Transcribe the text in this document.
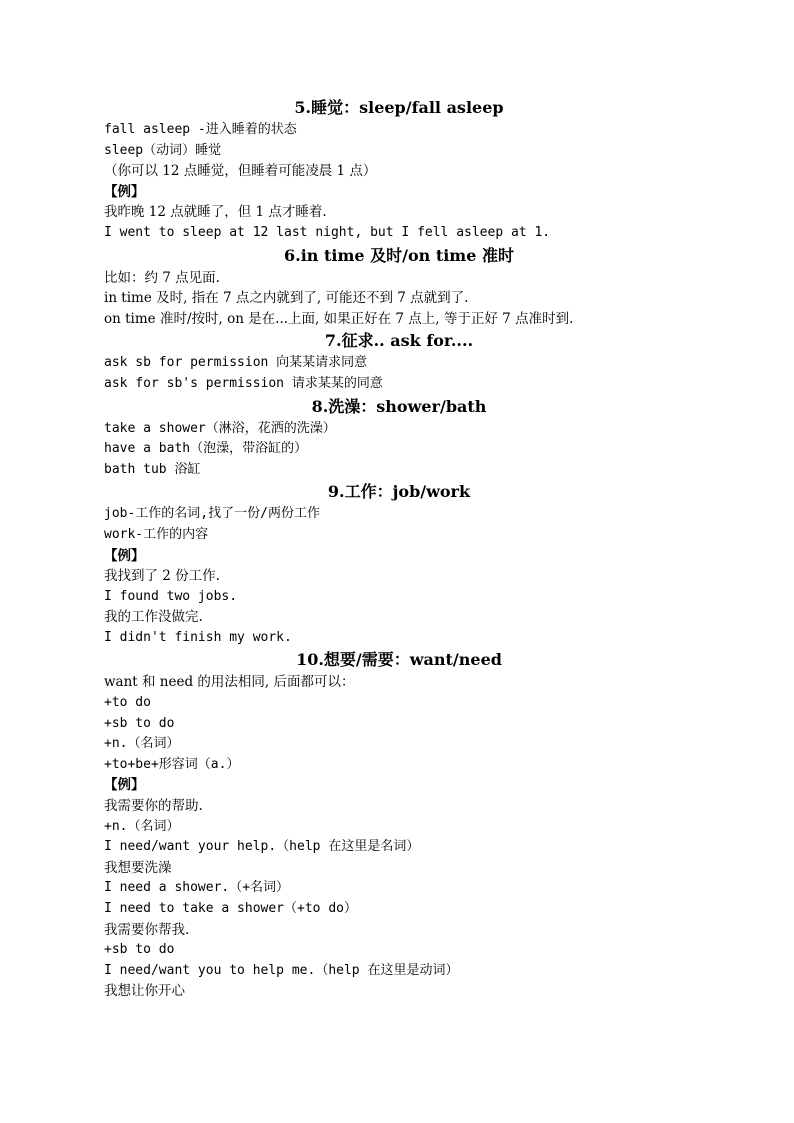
5.睡觉：sleep/fall asleep
fall asleep -进入睡着的状态
sleep（动词）睡觉
（你可以 12 点睡觉，但睡着可能凌晨 1 点）
【例】
我昨晚 12 点就睡了，但 1 点才睡着.
I went to sleep at 12 last night, but I fell asleep at 1.
6.in time 及时/on time 准时
比如：约 7 点见面.
in time 及时, 指在 7 点之内就到了, 可能还不到 7 点就到了.
on time 准时/按时, on 是在...上面, 如果正好在 7 点上, 等于正好 7 点准时到.
7.征求.. ask for....
ask sb for permission 向某某请求同意
ask for sb's permission 请求某某的同意
8.洗澡：shower/bath
take a shower（淋浴，花洒的洗澡）
have a bath（泡澡，带浴缸的）
bath tub 浴缸
9.工作：job/work
job-工作的名词,找了一份/两份工作
work-工作的内容
【例】
我找到了 2 份工作.
I found two jobs.
我的工作没做完.
I didn't finish my work.
10.想要/需要：want/need
want 和 need 的用法相同, 后面都可以：
+to do
+sb to do
+n.（名词）
+to+be+形容词（a.）
【例】
我需要你的帮助.
+n.（名词）
I need/want your help.（help 在这里是名词）
我想要洗澡
I need a shower.（+名词）
I need to take a shower（+to do）
我需要你帮我.
+sb to do
I need/want you to help me.（help 在这里是动词）
我想让你开心
